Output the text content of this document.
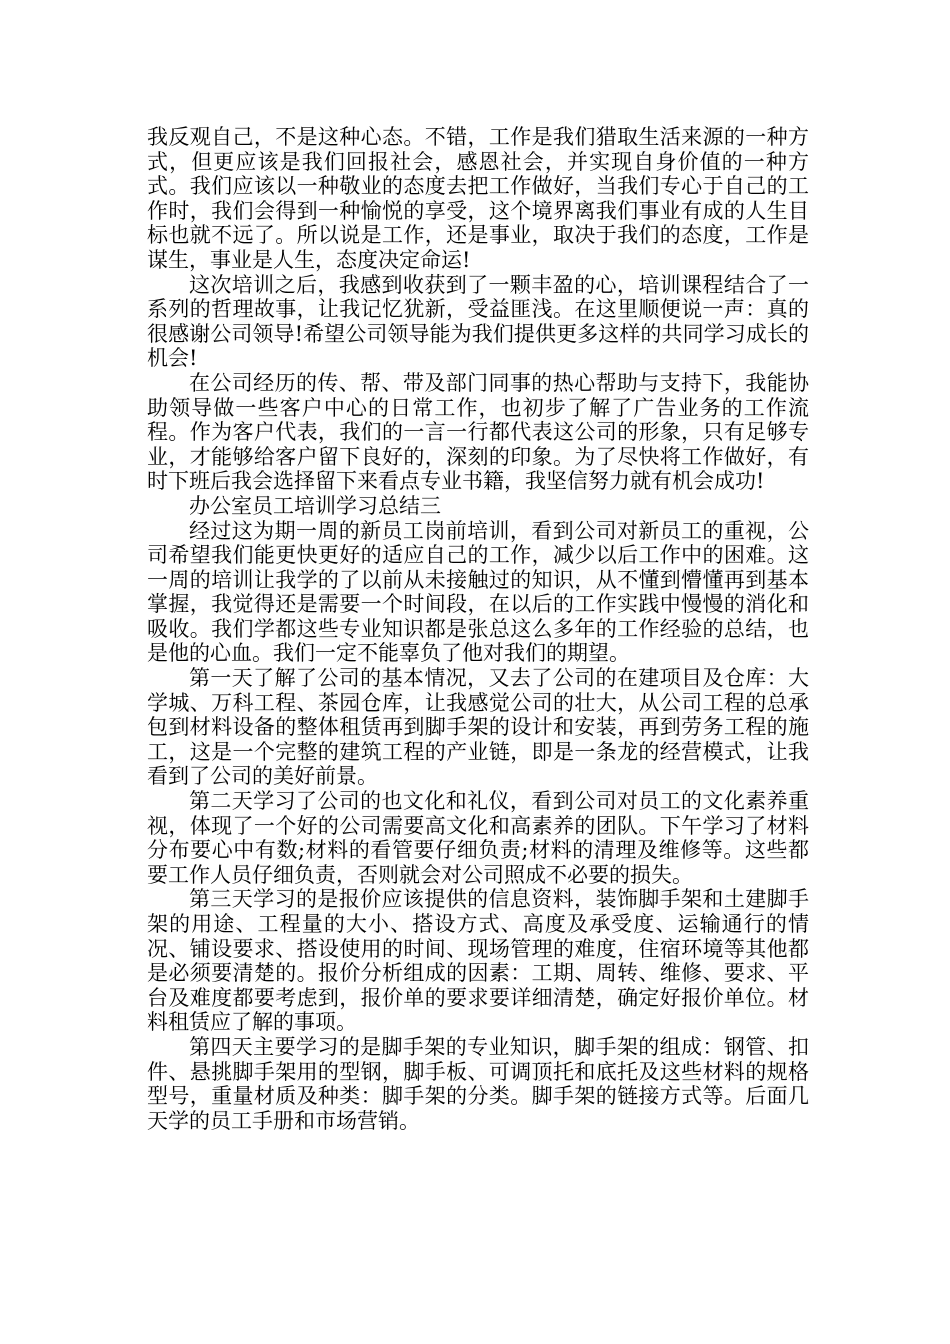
我反观自己，不是这种心态。不错，工作是我们猎取生活来源的一种方式，但更应该是我们回报社会，感恩社会，并实现自身价值的一种方式。我们应该以一种敬业的态度去把工作做好，当我们专心于自己的工作时，我们会得到一种愉悦的享受，这个境界离我们事业有成的人生目标也就不远了。所以说是工作，还是事业，取决于我们的态度，工作是谋生，事业是人生，态度决定命运!

这次培训之后，我感到收获到了一颗丰盈的心，培训课程结合了一系列的哲理故事，让我记忆犹新，受益匪浅。在这里顺便说一声：真的很感谢公司领导!希望公司领导能为我们提供更多这样的共同学习成长的机会!

在公司经历的传、帮、带及部门同事的热心帮助与支持下，我能协助领导做一些客户中心的日常工作，也初步了解了广告业务的工作流程。作为客户代表，我们的一言一行都代表这公司的形象，只有足够专业，才能够给客户留下良好的，深刻的印象。为了尽快将工作做好，有时下班后我会选择留下来看点专业书籍，我坚信努力就有机会成功!

办公室员工培训学习总结三

经过这为期一周的新员工岗前培训，看到公司对新员工的重视，公司希望我们能更快更好的适应自己的工作，减少以后工作中的困难。这一周的培训让我学的了以前从未接触过的知识，从不懂到懵懂再到基本掌握，我觉得还是需要一个时间段，在以后的工作实践中慢慢的消化和吸收。我们学都这些专业知识都是张总这么多年的工作经验的总结，也是他的心血。我们一定不能辜负了他对我们的期望。

第一天了解了公司的基本情况，又去了公司的在建项目及仓库：大学城、万科工程、茶园仓库，让我感觉公司的壮大，从公司工程的总承包到材料设备的整体租赁再到脚手架的设计和安装，再到劳务工程的施工，这是一个完整的建筑工程的产业链，即是一条龙的经营模式，让我看到了公司的美好前景。

第二天学习了公司的也文化和礼仪，看到公司对员工的文化素养重视，体现了一个好的公司需要高文化和高素养的团队。下午学习了材料分布要心中有数;材料的看管要仔细负责;材料的清理及维修等。这些都要工作人员仔细负责，否则就会对公司照成不必要的损失。

第三天学习的是报价应该提供的信息资料，装饰脚手架和土建脚手架的用途、工程量的大小、搭设方式、高度及承受度、运输通行的情况、铺设要求、搭设使用的时间、现场管理的难度，住宿环境等其他都是必须要清楚的。报价分析组成的因素：工期、周转、维修、要求、平台及难度都要考虑到，报价单的要求要详细清楚，确定好报价单位。材料租赁应了解的事项。

第四天主要学习的是脚手架的专业知识，脚手架的组成：钢管、扣件、悬挑脚手架用的型钢，脚手板、可调顶托和底托及这些材料的规格型号，重量材质及种类：脚手架的分类。脚手架的链接方式等。后面几天学的员工手册和市场营销。
